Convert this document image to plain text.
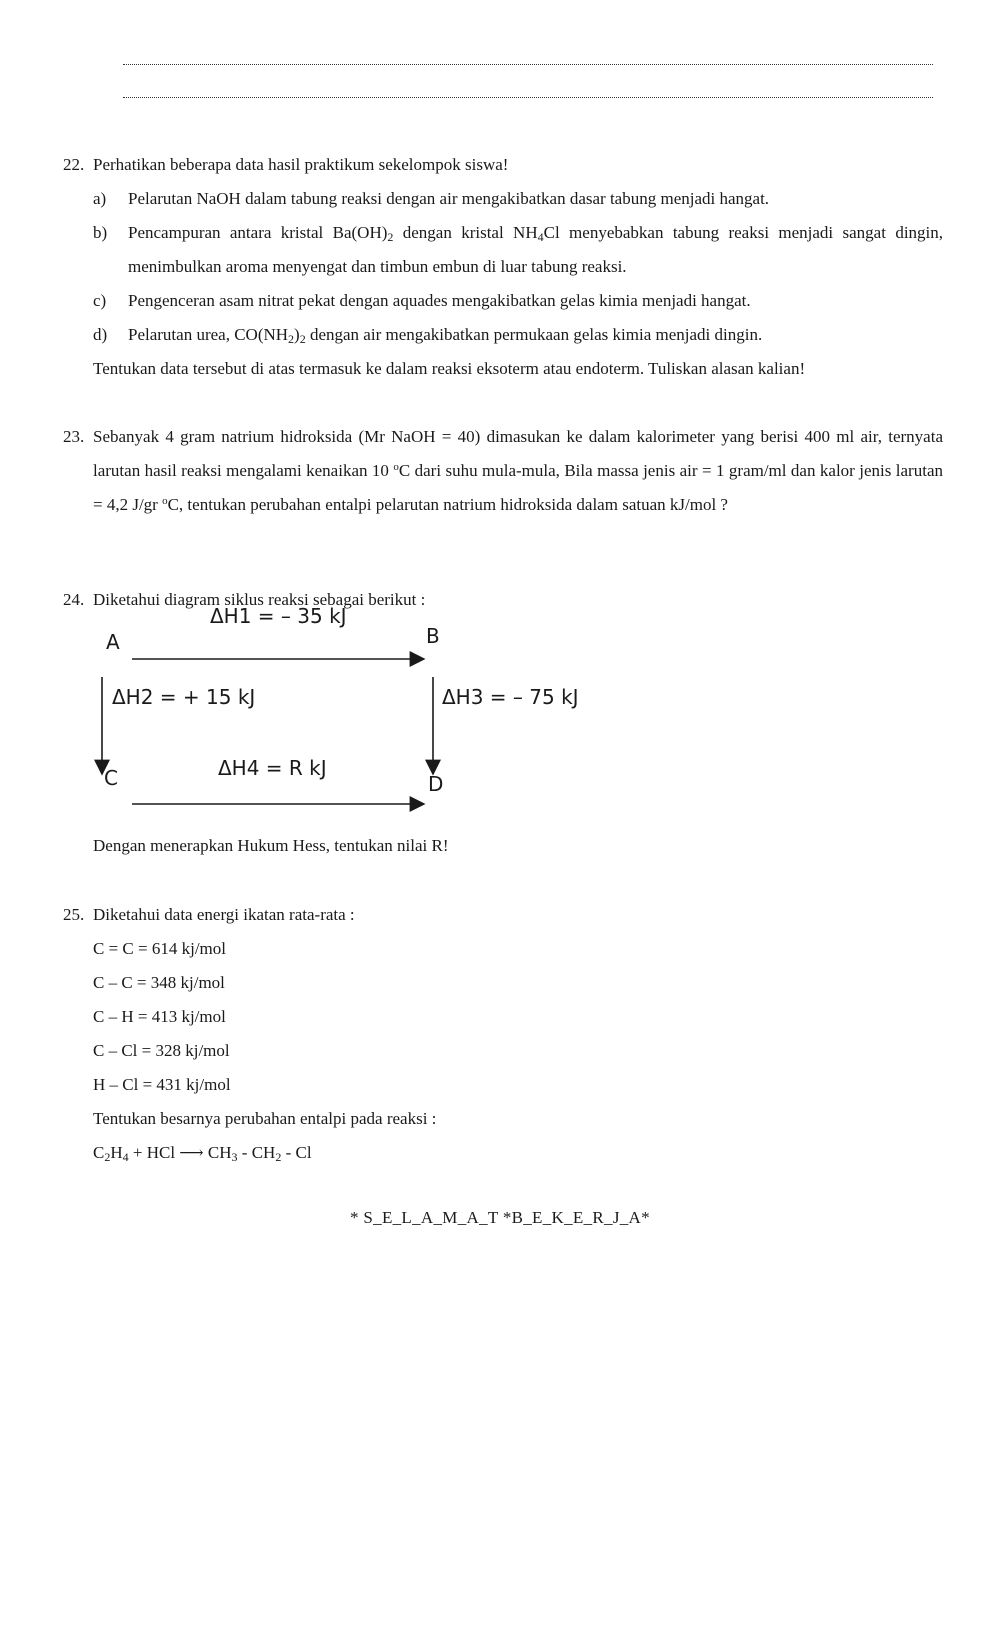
22. Perhatikan beberapa data hasil praktikum sekelompok siswa!
a) Pelarutan NaOH dalam tabung reaksi dengan air mengakibatkan dasar tabung menjadi hangat.
b) Pencampuran antara kristal $Ba(OH)_2$ dengan kristal $NH_4Cl$ menyebabkan tabung reaksi menjadi sangat dingin, menimbulkan aroma menyengat dan timbun embun di luar tabung reaksi.
c) Pengenceran asam nitrat pekat dengan aquades mengakibatkan gelas kimia menjadi hangat.
d) Pelarutan urea, $CO(NH_2)_2$ dengan air mengakibatkan permukaan gelas kimia menjadi dingin.
Tentukan data tersebut di atas termasuk ke dalam reaksi eksoterm atau endoterm. Tuliskan alasan kalian!
23. Sebanyak 4 gram natrium hidroksida (Mr NaOH = 40) dimasukan ke dalam kalorimeter yang berisi 400 ml air, ternyata larutan hasil reaksi mengalami kenaikan 10 $^o$C dari suhu mula-mula, Bila massa jenis air = 1 gram/ml dan kalor jenis larutan = 4,2 J/gr $^o$C, tentukan perubahan entalpi pelarutan natrium hidroksida dalam satuan kJ/mol ?
24. Diketahui diagram siklus reaksi sebagai berikut :
A	B
C	D
ΔH1 = – 35 kJ
ΔH2 = + 15 kJ	ΔH3 = – 75 kJ
ΔH4 = R kJ
Dengan menerapkan Hukum Hess, tentukan nilai R!
25. Diketahui data energi ikatan rata-rata :
C = C = 614 kj/mol
C – C = 348 kj/mol
C – H = 413 kj/mol
C – Cl = 328 kj/mol
H – Cl = 431 kj/mol
Tentukan besarnya perubahan entalpi pada reaksi :
$C_2H_4$ + HCl ⟶ $CH_3 - CH_2$ - Cl
* S_E_L_A_M_A_T *B_E_K_E_R_J_A*
